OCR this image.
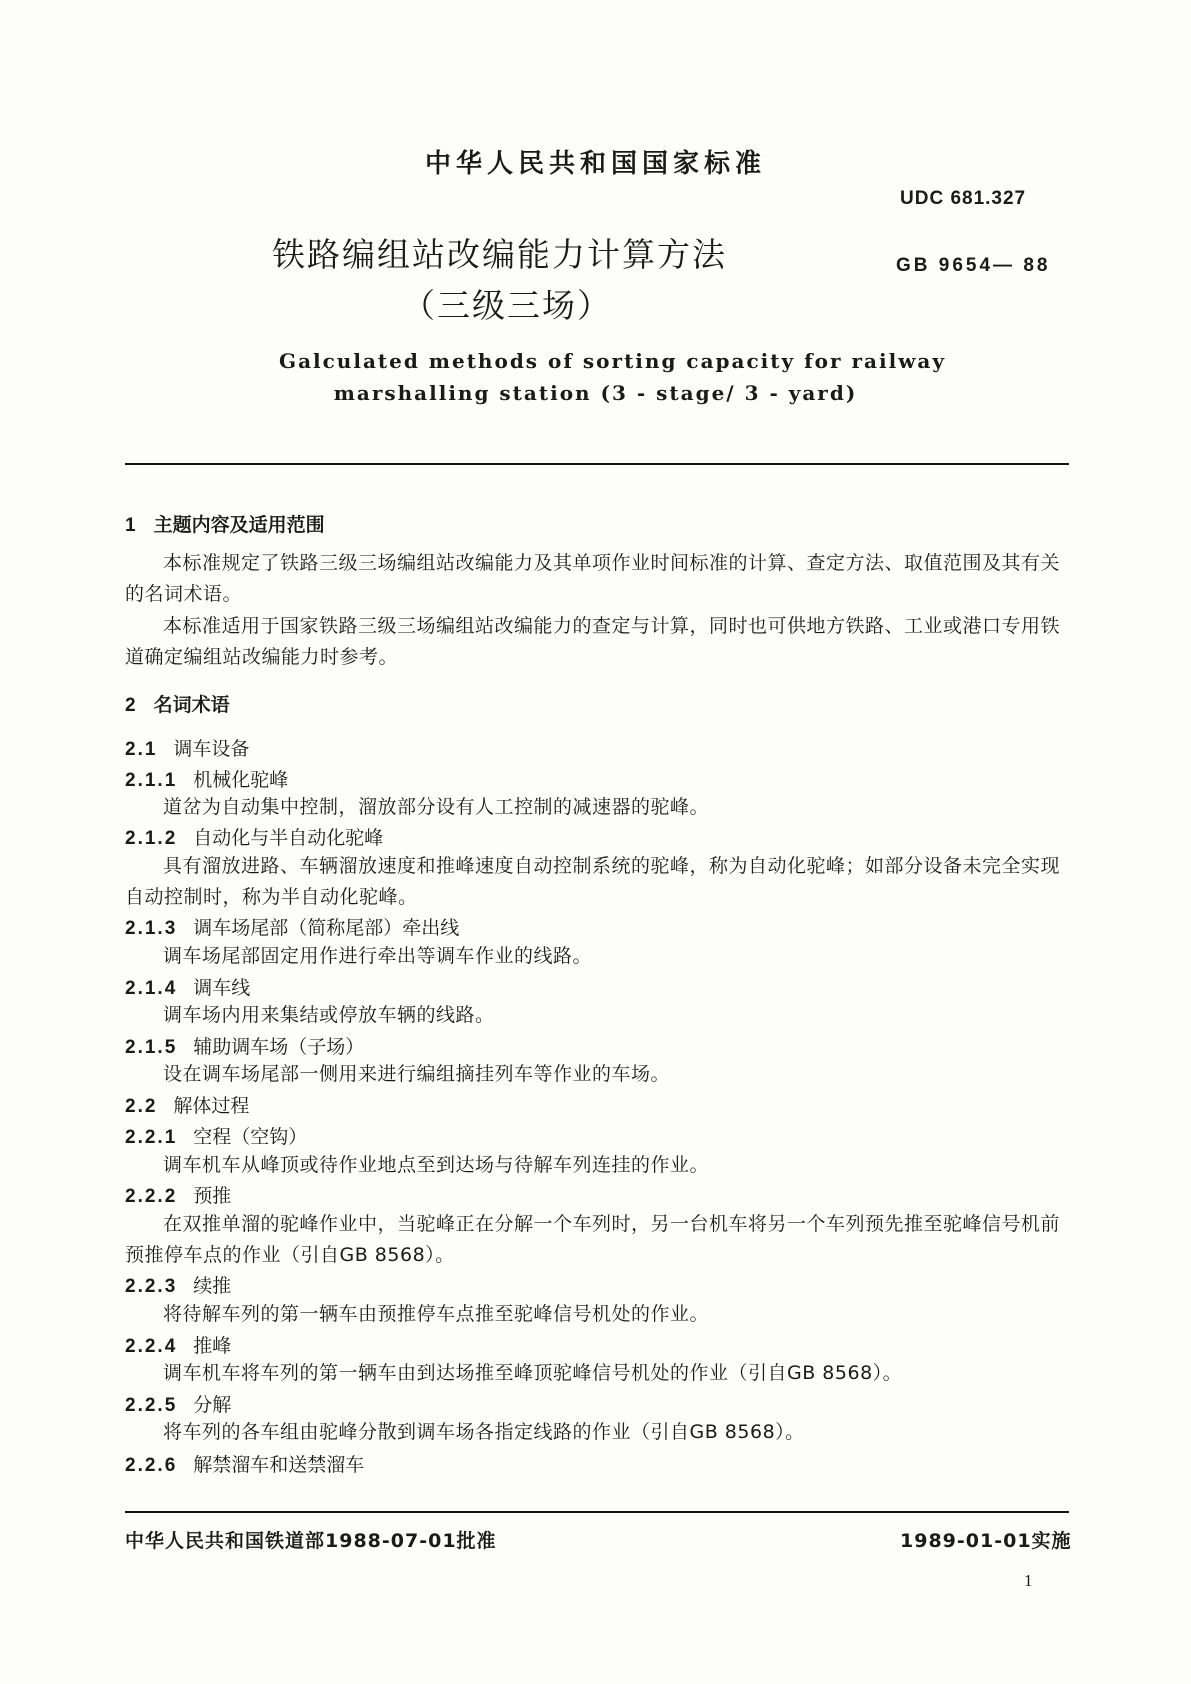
中华人民共和国国家标准
UDC 681.327
GB 9654— 88
铁路编组站改编能力计算方法
（三级三场）
Galculated methods of sorting capacity for railway
marshalling station (3 - stage/ 3 - yard)
1 主题内容及适用范围
本标准规定了铁路三级三场编组站改编能力及其单项作业时间标准的计算、查定方法、取值范围及其有关的名词术语。
本标准适用于国家铁路三级三场编组站改编能力的查定与计算，同时也可供地方铁路、工业或港口专用铁道确定编组站改编能力时参考。
2 名词术语
2.1 调车设备
2.1.1 机械化驼峰
道岔为自动集中控制，溜放部分设有人工控制的减速器的驼峰。
2.1.2 自动化与半自动化驼峰
具有溜放进路、车辆溜放速度和推峰速度自动控制系统的驼峰，称为自动化驼峰；如部分设备未完全实现自动控制时，称为半自动化驼峰。
2.1.3 调车场尾部（简称尾部）牵出线
调车场尾部固定用作进行牵出等调车作业的线路。
2.1.4 调车线
调车场内用来集结或停放车辆的线路。
2.1.5 辅助调车场（子场）
设在调车场尾部一侧用来进行编组摘挂列车等作业的车场。
2.2 解体过程
2.2.1 空程（空钩）
调车机车从峰顶或待作业地点至到达场与待解车列连挂的作业。
2.2.2 预推
在双推单溜的驼峰作业中，当驼峰正在分解一个车列时，另一台机车将另一个车列预先推至驼峰信号机前预推停车点的作业（引自GB 8568）。
2.2.3 续推
将待解车列的第一辆车由预推停车点推至驼峰信号机处的作业。
2.2.4 推峰
调车机车将车列的第一辆车由到达场推至峰顶驼峰信号机处的作业（引自GB 8568）。
2.2.5 分解
将车列的各车组由驼峰分散到调车场各指定线路的作业（引自GB 8568）。
2.2.6 解禁溜车和送禁溜车
中华人民共和国铁道部1988-07-01批准	1989-01-01实施
1
